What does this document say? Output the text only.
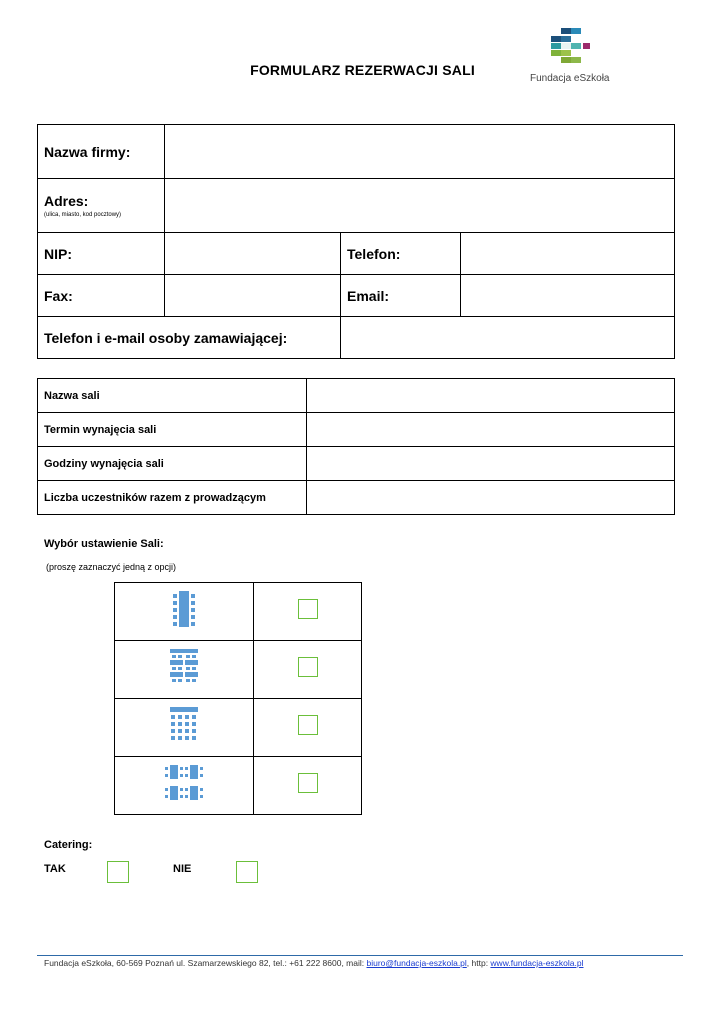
FORMULARZ REZERWACJI SALI
Fundacja eSzkoła
Nazwa firmy:			
Adres:
(ulica, miasto, kod pocztowy)			

NIP:		Telefon:	
Fax:		Email:	
Telefon i e-mail osoby zamawiającej:			
Nazwa sali	
Termin wynajęcia sali	
Godziny wynajęcia sali	
Liczba uczestników razem z prowadzącym	
Wybór ustawienie Sali:
(proszę zaznaczyć jedną z opcji)

Catering:
TAK	NIE
Fundacja eSzkoła, 60-569 Poznań ul. Szamarzewskiego 82, tel.: +61 222 8600, mail: biuro@fundacja-eszkola.pl, http: www.fundacja-eszkola.pl
